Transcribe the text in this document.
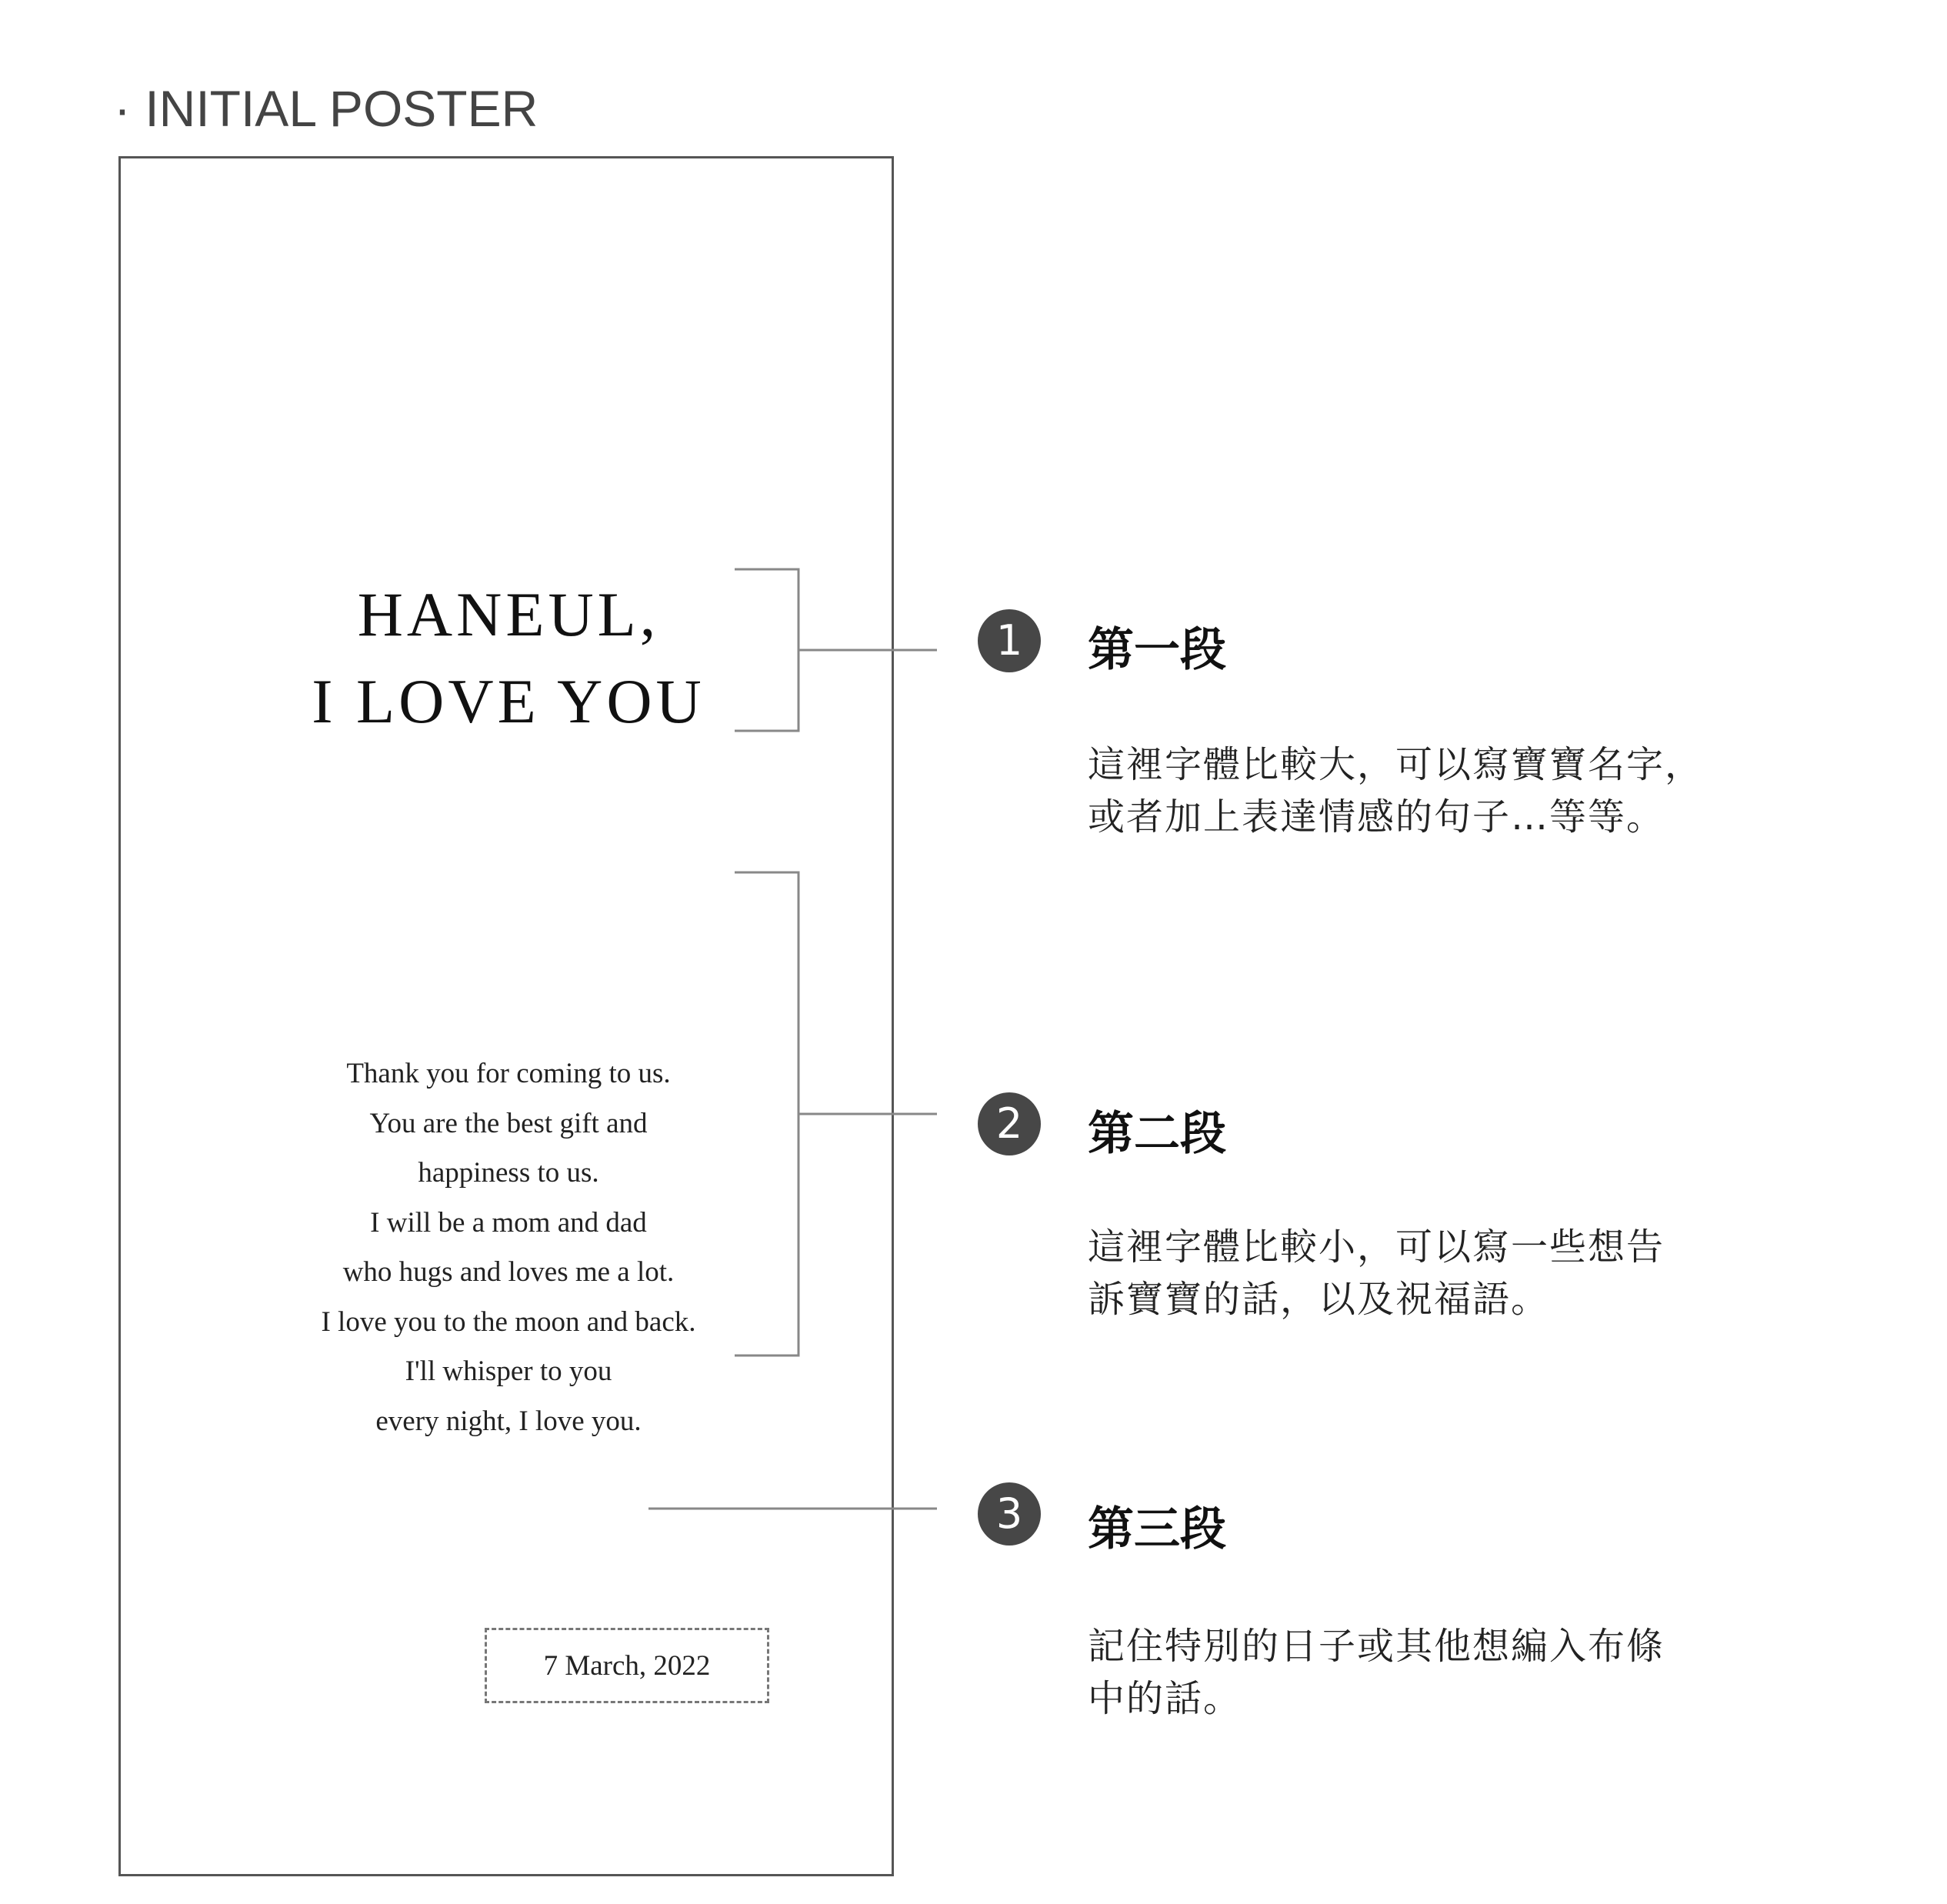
· INITIAL POSTER
HANEUL,
I LOVE YOU
Thank you for coming to us.
You are the best gift and
happiness to us.
I will be a mom and dad
who hugs and loves me a lot.
I love you to the moon and back.
I'll whisper to you
every night, I love you.
7 March, 2022
1	第一段
這裡字體比較大，可以寫寶寶名字，
或者加上表達情感的句子…等等。
2	第二段
這裡字體比較小，可以寫一些想告
訴寶寶的話，以及祝福語。
3	第三段
記住特別的日子或其他想編入布條
中的話。
